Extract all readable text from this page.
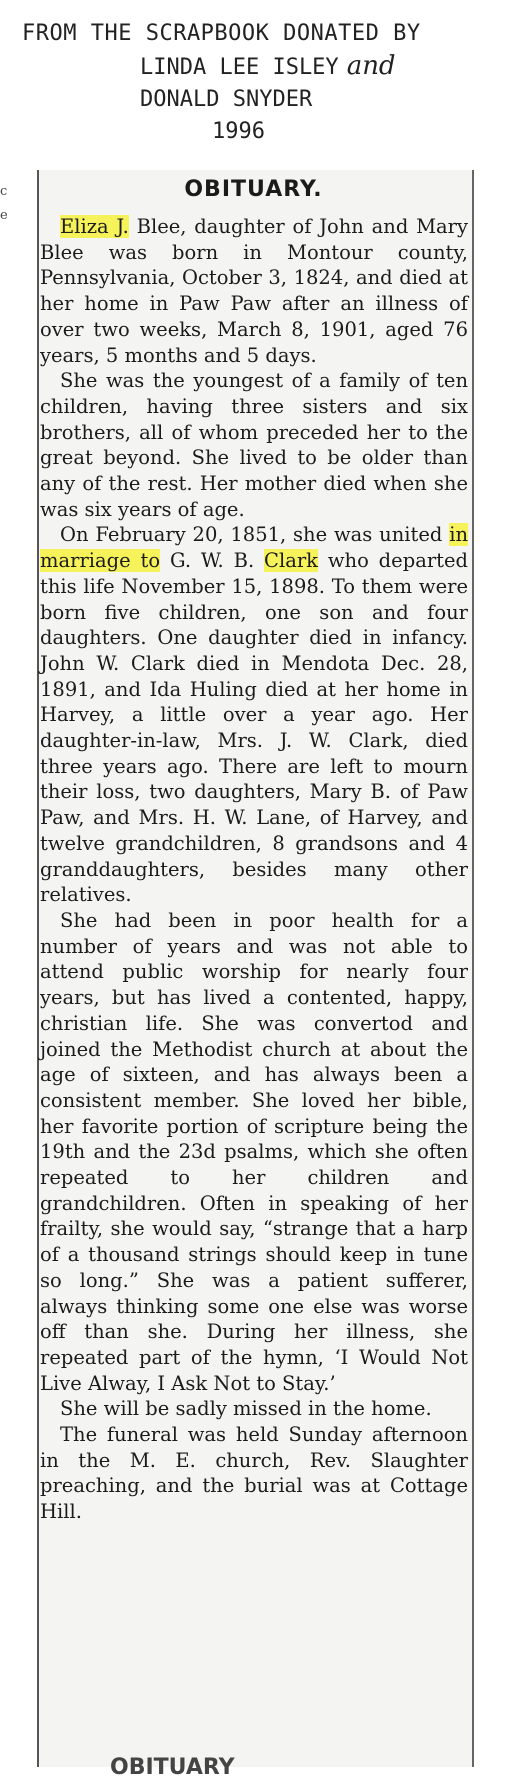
FROM THE SCRAPBOOK DONATED BY
LINDA LEE ISLEY and
DONALD SNYDER
1996
c e
OBITUARY.

Eliza J. Blee, daughter of John and Mary Blee was born in Montour county, Pennsylvania, October 3, 1824, and died at her home in Paw Paw after an illness of over two weeks, March 8, 1901, aged 76 years, 5 months and 5 days.

She was the youngest of a family of ten children, having three sisters and six brothers, all of whom preceded her to the great beyond. She lived to be older than any of the rest. Her mother died when she was six years of age.

On February 20, 1851, she was united in marriage to G. W. B. Clark who departed this life November 15, 1898. To them were born five children, one son and four daughters. One daughter died in infancy. John W. Clark died in Mendota Dec. 28, 1891, and Ida Huling died at her home in Harvey, a little over a year ago. Her daughter-in-law, Mrs. J. W. Clark, died three years ago. There are left to mourn their loss, two daughters, Mary B. of Paw Paw, and Mrs. H. W. Lane, of Harvey, and twelve grandchildren, 8 grandsons and 4 granddaughters, besides many other relatives.

She had been in poor health for a number of years and was not able to attend public worship for nearly four years, but has lived a contented, happy, christian life. She was convertod and joined the Methodist church at about the age of sixteen, and has always been a consistent member. She loved her bible, her favorite portion of scripture being the 19th and the 23d psalms, which she often repeated to her children and grandchildren. Often in speaking of her frailty, she would say, “strange that a harp of a thousand strings should keep in tune so long.” She was a patient sufferer, always thinking some one else was worse off than she. During her illness, she repeated part of the hymn, ‘I Would Not Live Alway, I Ask Not to Stay.’

She will be sadly missed in the home.

The funeral was held Sunday afternoon in the M. E. church, Rev. Slaughter preaching, and the burial was at Cottage Hill.

OBITUARY
